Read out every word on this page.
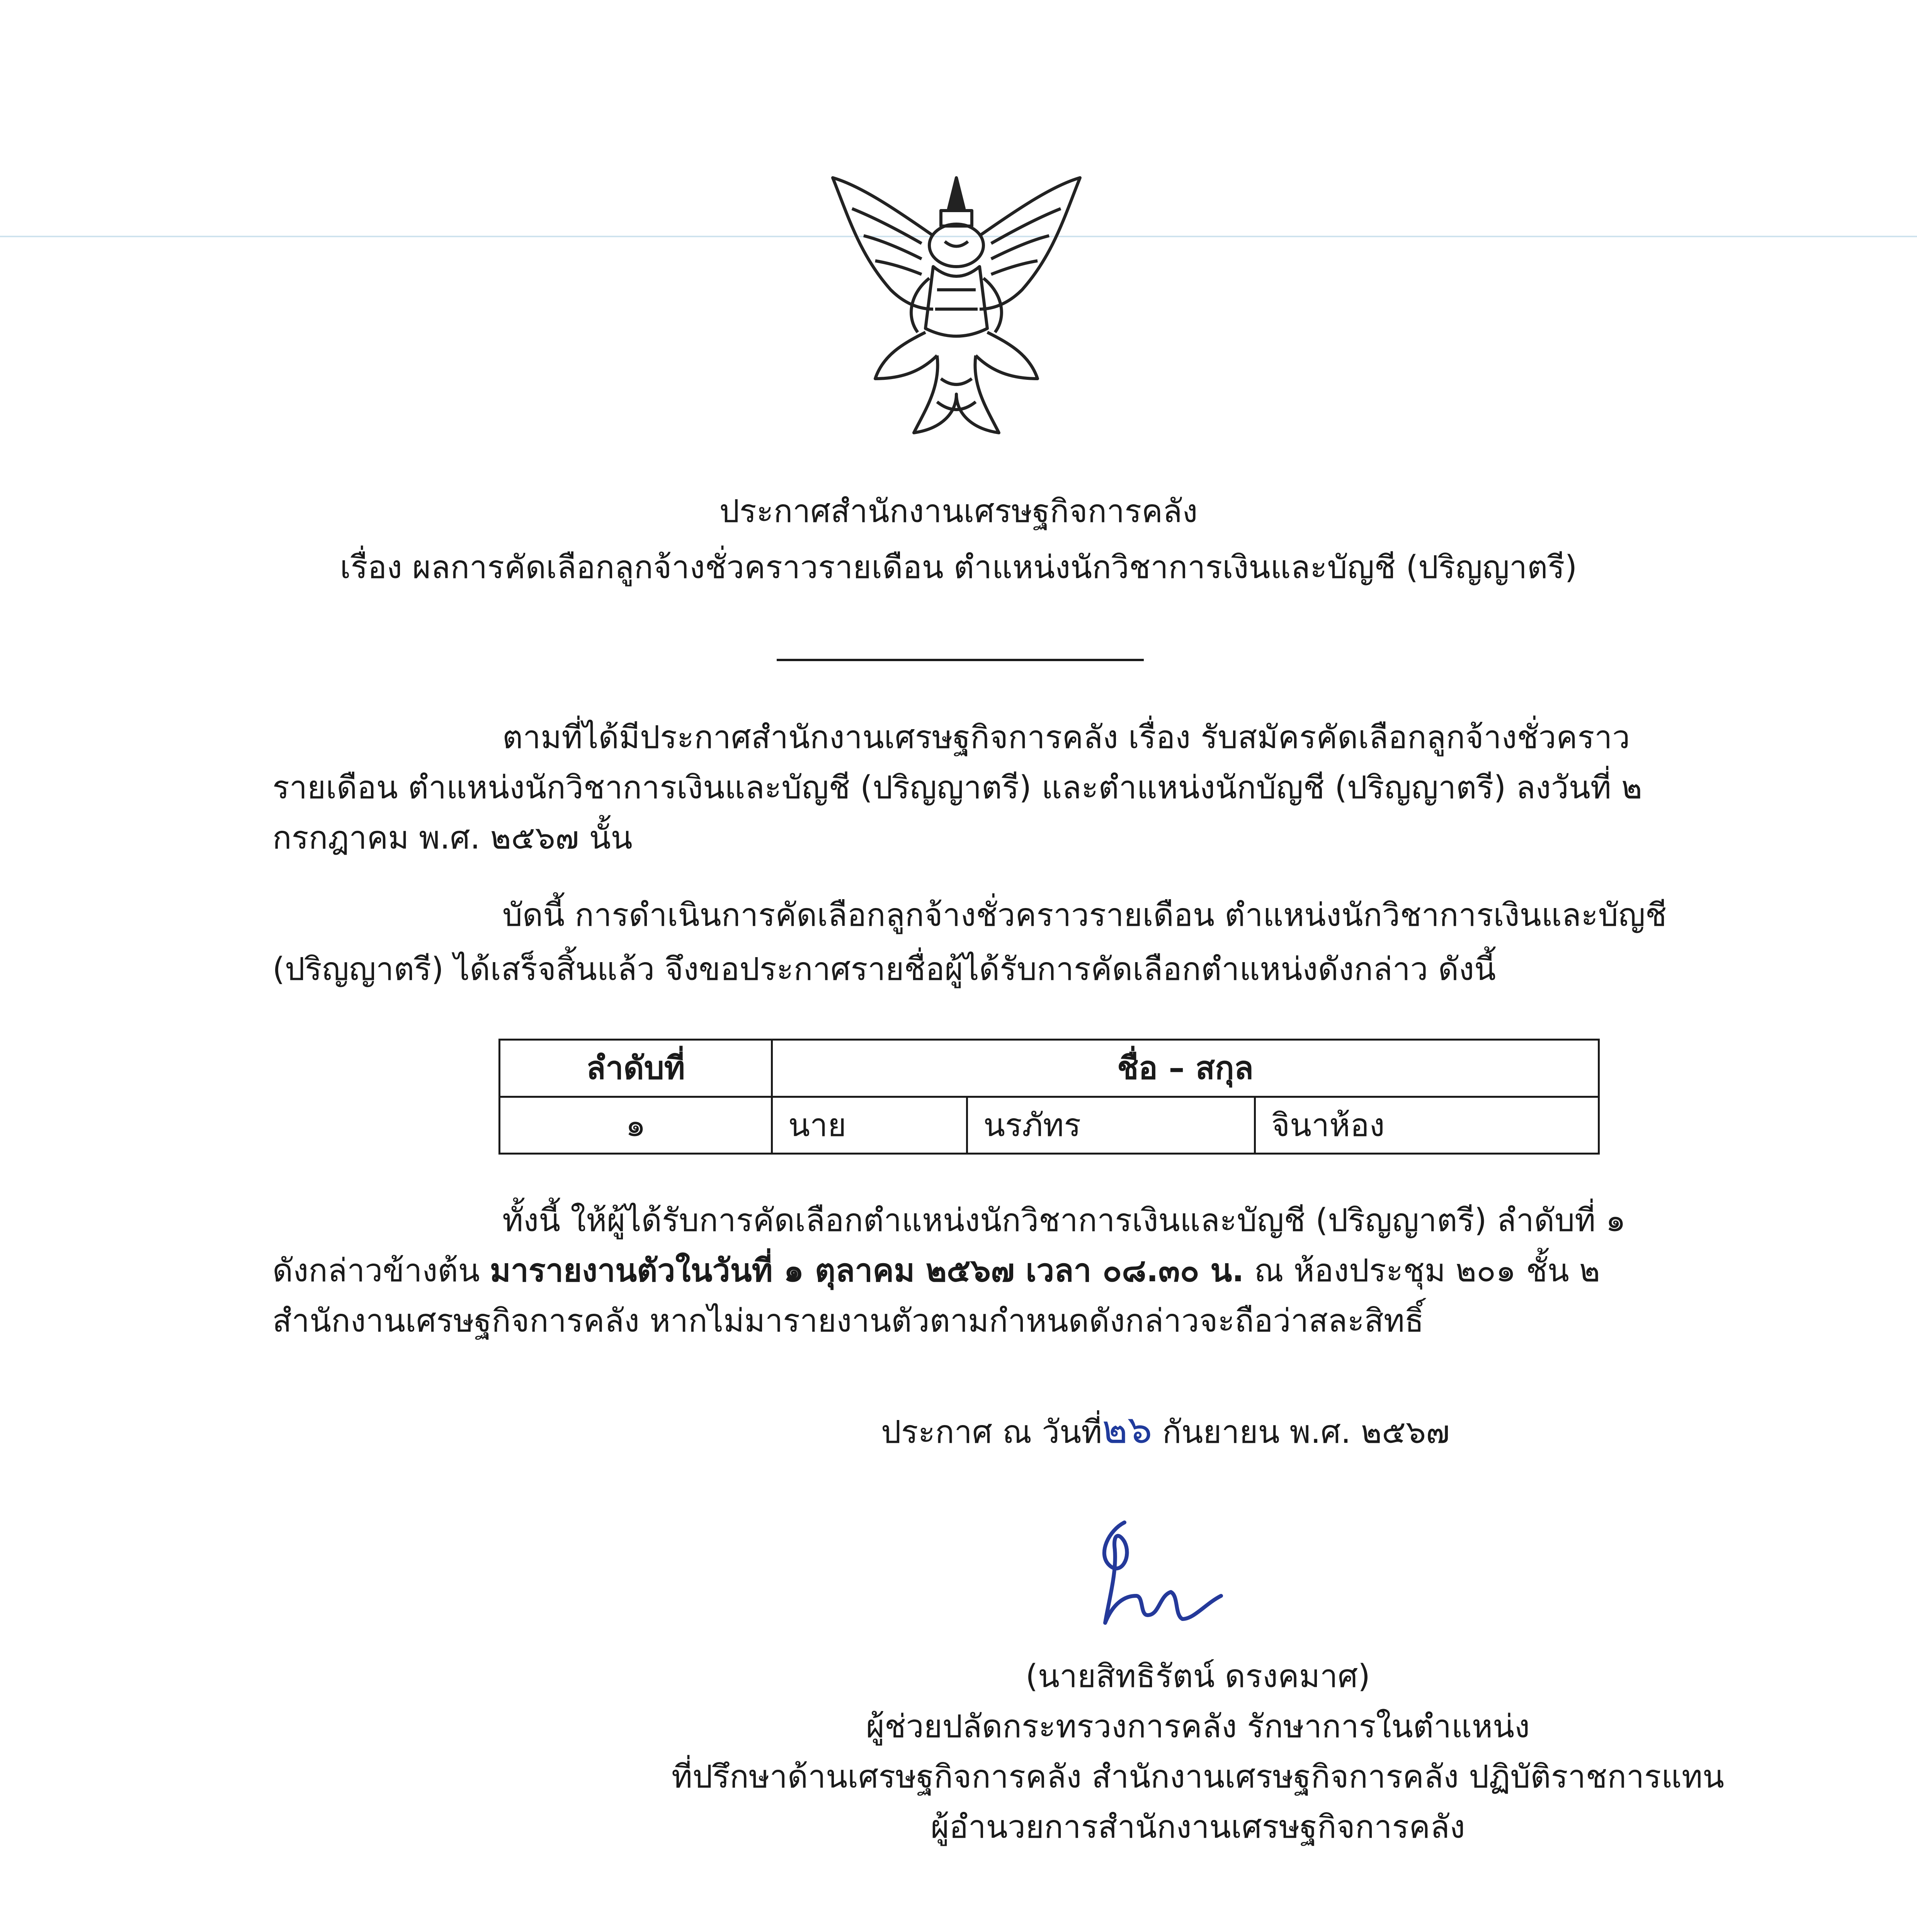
ประกาศสำนักงานเศรษฐกิจการคลัง
เรื่อง ผลการคัดเลือกลูกจ้างชั่วคราวรายเดือน ตำแหน่งนักวิชาการเงินและบัญชี (ปริญญาตรี)
ตามที่ได้มีประกาศสำนักงานเศรษฐกิจการคลัง เรื่อง รับสมัครคัดเลือกลูกจ้างชั่วคราว
รายเดือน ตำแหน่งนักวิชาการเงินและบัญชี (ปริญญาตรี) และตำแหน่งนักบัญชี (ปริญญาตรี) ลงวันที่ ๒
กรกฎาคม พ.ศ. ๒๕๖๗ นั้น
บัดนี้ การดำเนินการคัดเลือกลูกจ้างชั่วคราวรายเดือน ตำแหน่งนักวิชาการเงินและบัญชี
(ปริญญาตรี) ได้เสร็จสิ้นแล้ว จึงขอประกาศรายชื่อผู้ได้รับการคัดเลือกตำแหน่งดังกล่าว ดังนี้
ลำดับที่	ชื่อ – สกุล		
๑	นาย	นรภัทร	จินาห้อง
ทั้งนี้ ให้ผู้ได้รับการคัดเลือกตำแหน่งนักวิชาการเงินและบัญชี (ปริญญาตรี) ลำดับที่ ๑
ดังกล่าวข้างต้น มารายงานตัวในวันที่ ๑ ตุลาคม ๒๕๖๗ เวลา ๐๘.๓๐ น. ณ ห้องประชุม ๒๐๑ ชั้น ๒
สำนักงานเศรษฐกิจการคลัง หากไม่มารายงานตัวตามกำหนดดังกล่าวจะถือว่าสละสิทธิ์
ประกาศ ณ วันที่๒๖ กันยายน พ.ศ. ๒๕๖๗
(นายสิทธิรัตน์ ดรงคมาศ)
ผู้ช่วยปลัดกระทรวงการคลัง รักษาการในตำแหน่ง
ที่ปรึกษาด้านเศรษฐกิจการคลัง สำนักงานเศรษฐกิจการคลัง ปฏิบัติราชการแทน
ผู้อำนวยการสำนักงานเศรษฐกิจการคลัง
